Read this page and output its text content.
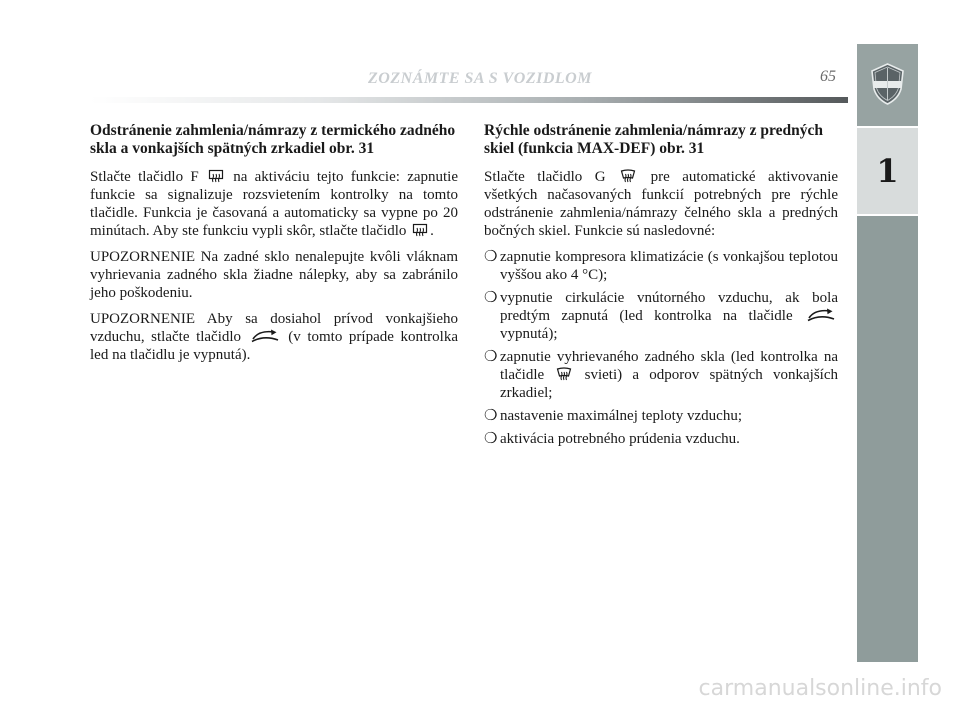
ZOZNÁMTE SA S VOZIDLOM	65
1
Odstránenie zahmlenia/námrazy z termického zadného skla a vonkajších spätných zrkadiel obr. 31

Stlačte tlačidlo F na aktiváciu tejto funkcie: zapnutie funkcie sa signalizuje rozsvietením kontrolky na tomto tlačidle. Funkcia je časovaná a automaticky sa vypne po 20 minútach. Aby ste funkciu vypli skôr, stlačte tlačidlo .

UPOZORNENIE Na zadné sklo nenalepujte kvôli vláknam vyhrievania zadného skla žiadne nálepky, aby sa zabránilo jeho poškodeniu.

UPOZORNENIE Aby sa dosiahol prívod vonkajšieho vzduchu, stlačte tlačidlo	(v tomto prípade kontrolka led na tlačidlu je vypnutá).

Rýchle odstránenie zahmlenia/námrazy z predných skiel (funkcia MAX-DEF) obr. 31

Stlačte tlačidlo G	pre automatické aktivovanie všetkých načasovaných funkcií potrebných pre rýchle odstránenie zahmlenia/námrazy čelného skla a predných bočných skiel. Funkcie sú nasledovné:

❍ zapnutie kompresora klimatizácie (s vonkajšou teplotou vyššou ako 4 °C);
❍ vypnutie cirkulácie vnútorného vzduchu, ak bola predtým zapnutá (led kontrolka na tlačidle  vypnutá);
❍ zapnutie vyhrievaného zadného skla (led kontrolka na tlačidle	svieti) a odporov spätných vonkajších zrkadiel;
❍ nastavenie maximálnej teploty vzduchu;
❍ aktivácia potrebného prúdenia vzduchu.
carmanualsonline.info
